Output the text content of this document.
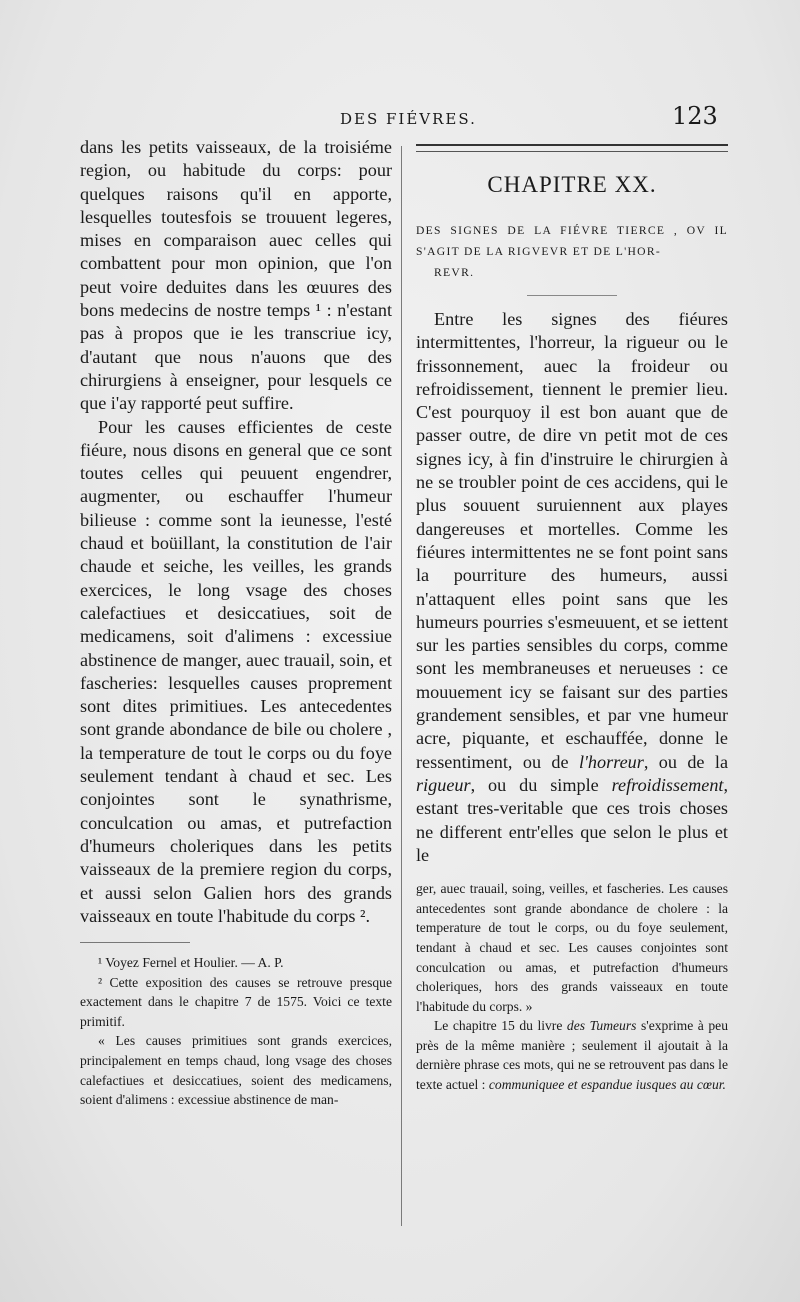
DES FIÉVRES.	123

dans les petits vaisseaux, de la troisiéme region, ou habitude du corps: pour quelques raisons qu'il en apporte, lesquelles toutesfois se trouuent legeres, mises en comparaison auec celles qui combattent pour mon opinion, que l'on peut voire deduites dans les œuures des bons medecins de nostre temps ¹ : n'estant pas à propos que ie les transcriue icy, d'autant que nous n'auons que des chirurgiens à enseigner, pour lesquels ce que i'ay rapporté peut suffire.

Pour les causes efficientes de ceste fiéure, nous disons en general que ce sont toutes celles qui peuuent engendrer, augmenter, ou eschauffer l'humeur bilieuse : comme sont la ieunesse, l'esté chaud et boüillant, la constitution de l'air chaude et seiche, les veilles, les grands exercices, le long vsage des choses calefactiues et desiccatiues, soit de medicamens, soit d'alimens : excessiue abstinence de manger, auec trauail, soin, et fascheries: lesquelles causes proprement sont dites primitiues. Les antecedentes sont grande abondance de bile ou cholere , la temperature de tout le corps ou du foye seulement tendant à chaud et sec. Les conjointes sont le synathrisme, conculcation ou amas, et putrefaction d'humeurs choleriques dans les petits vaisseaux de la premiere region du corps, et aussi selon Galien hors des grands vaisseaux en toute l'habitude du corps ².

¹ Voyez Fernel et Houlier. — A. P.

² Cette exposition des causes se retrouve presque exactement dans le chapitre 7 de 1575. Voici ce texte primitif.

« Les causes primitiues sont grands exercices, principalement en temps chaud, long vsage des choses calefactiues et desiccatiues, soient des medicamens, soient d'alimens : excessiue abstinence de man-

CHAPITRE XX.
DES SIGNES DE LA FIÉVRE TIERCE , OV IL S'AGIT DE LA RIGVEVR ET DE L'HOR-
REVR.

Entre les signes des fiéures intermittentes, l'horreur, la rigueur ou le frissonnement, auec la froideur ou refroidissement, tiennent le premier lieu. C'est pourquoy il est bon auant que de passer outre, de dire vn petit mot de ces signes icy, à fin d'instruire le chirurgien à ne se troubler point de ces accidens, qui le plus souuent suruiennent aux playes dangereuses et mortelles. Comme les fiéures intermittentes ne se font point sans la pourriture des humeurs, aussi n'attaquent elles point sans que les humeurs pourries s'esmeuuent, et se iettent sur les parties sensibles du corps, comme sont les membraneuses et nerueuses : ce mouuement icy se faisant sur des parties grandement sensibles, et par vne humeur acre, piquante, et eschauffée, donne le ressentiment, ou de l'horreur, ou de la rigueur, ou du simple refroidissement, estant tres-veritable que ces trois choses ne different entr'elles que selon le plus et le

ger, auec trauail, soing, veilles, et fascheries. Les causes antecedentes sont grande abondance de cholere : la temperature de tout le corps, ou du foye seulement, tendant à chaud et sec. Les causes conjointes sont conculcation ou amas, et putrefaction d'humeurs choleriques, hors des grands vaisseaux en toute l'habitude du corps. »

Le chapitre 15 du livre des Tumeurs s'exprime à peu près de la même manière ; seulement il ajoutait à la dernière phrase ces mots, qui ne se retrouvent pas dans le texte actuel : communiquee et espandue iusques au cœur.
